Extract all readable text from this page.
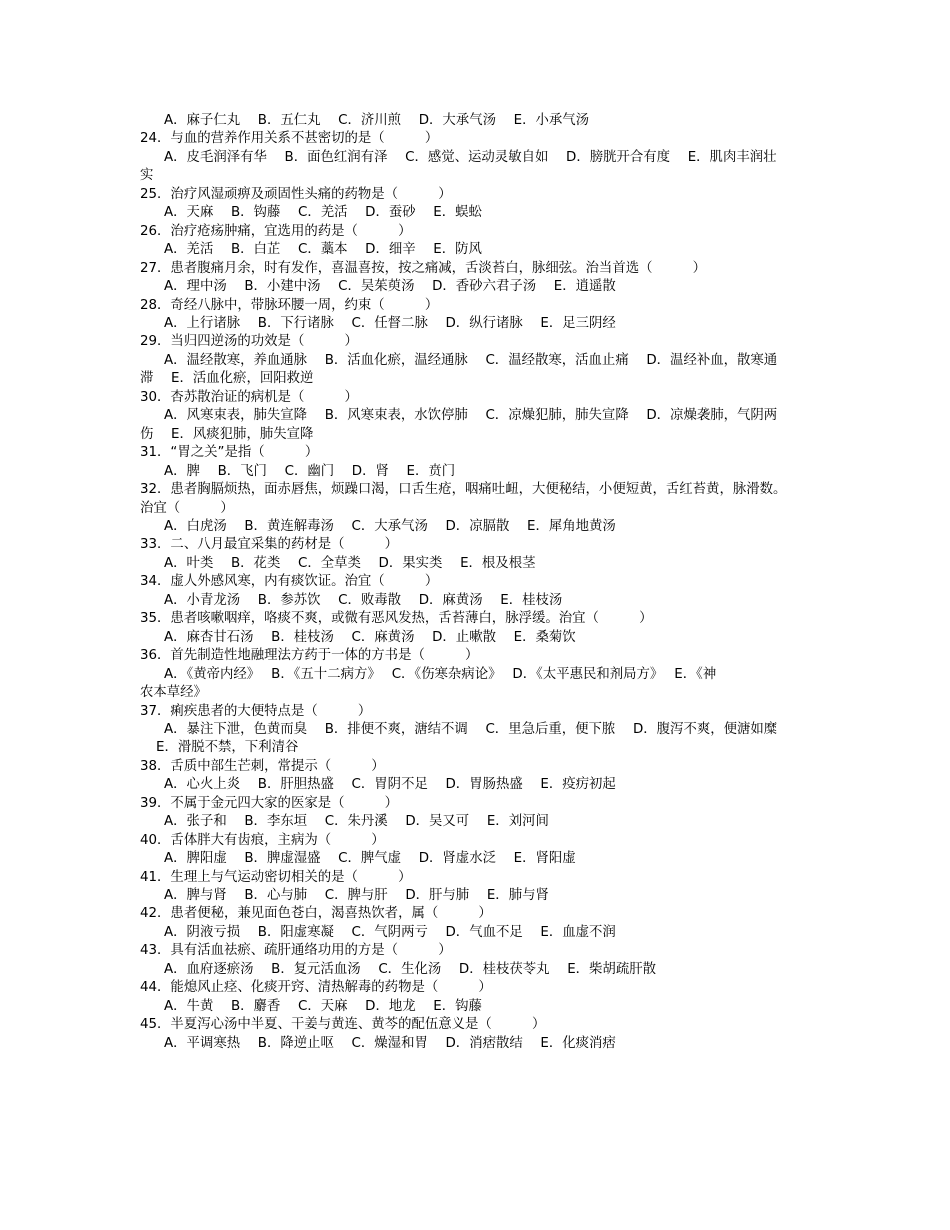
A．麻子仁丸　 B．五仁丸　 C．济川煎　 D．大承气汤　 E．小承气汤
24．与血的营养作用关系不甚密切的是（　　　）
A．皮毛润泽有华　 B．面色红润有泽　 C．感觉、运动灵敏自如　 D．膀胱开合有度　 E．肌肉丰润壮
实
25．治疗风湿顽痹及顽固性头痛的药物是（　　　）
A．天麻　 B．钩藤　 C．羌活　 D．蚕砂　 E．蜈蚣
26．治疗疮疡肿痛，宜选用的药是（　　　）
A．羌活　 B．白芷　 C．藁本　 D．细辛　 E．防风
27．患者腹痛月余，时有发作，喜温喜按，按之痛减，舌淡苔白，脉细弦。治当首选（　　　）
A．理中汤　 B．小建中汤　 C．吴茱萸汤　 D．香砂六君子汤　 E．逍遥散
28．奇经八脉中，带脉环腰一周，约束（　　　）
A．上行诸脉　 B．下行诸脉　 C．任督二脉　 D．纵行诸脉　 E．足三阴经
29．当归四逆汤的功效是（　　　）
A．温经散寒，养血通脉　 B．活血化瘀，温经通脉　 C．温经散寒，活血止痛　 D．温经补血，散寒通
滞　 E．活血化瘀，回阳救逆
30．杏苏散治证的病机是（　　　）
A．风寒束表，肺失宣降　 B．风寒束表，水饮停肺　 C．凉燥犯肺，肺失宣降　 D．凉燥袭肺，气阴两
伤　 E．风痰犯肺，肺失宣降
31．“胃之关”是指（　　　）
A．脾　 B．飞门　 C．幽门　 D．肾　 E．贲门
32．患者胸膈烦热，面赤唇焦，烦躁口渴，口舌生疮，咽痛吐衄，大便秘结，小便短黄，舌红苔黄，脉滑数。
治宜（　　　）
A．白虎汤　 B．黄连解毒汤　 C．大承气汤　 D．凉膈散　 E．犀角地黄汤
33．二、八月最宜采集的药材是（　　　）
A．叶类　 B．花类　 C．全草类　 D．果实类　 E．根及根茎
34．虚人外感风寒，内有痰饮证。治宜（　　　）
A．小青龙汤　 B．参苏饮　 C．败毒散　 D．麻黄汤　 E．桂枝汤
35．患者咳嗽咽痒，咯痰不爽，或微有恶风发热，舌苔薄白，脉浮缓。治宜（　　　）
A．麻杏甘石汤　 B．桂枝汤　 C．麻黄汤　 D．止嗽散　 E．桑菊饮
36．首先制造性地融理法方药于一体的方书是（　　　）
A．《黄帝内经》　 B．《五十二病方》　 C．《伤寒杂病论》　 D．《太平惠民和剂局方》　 E．《神
农本草经》
37．痢疾患者的大便特点是（　　　）
A．暴注下泄，色黄而臭　 B．排便不爽，溏结不调　 C．里急后重，便下脓　 D．腹泻不爽，便溏如糜
E．滑脱不禁，下利清谷
38．舌质中部生芒刺，常提示（　　　）
A．心火上炎　 B．肝胆热盛　 C．胃阴不足　 D．胃肠热盛　 E．疫疠初起
39．不属于金元四大家的医家是（　　　）
A．张子和　 B．李东垣　 C．朱丹溪　 D．吴又可　 E．刘河间
40．舌体胖大有齿痕，主病为（　　　）
A．脾阳虚　 B．脾虚湿盛　 C．脾气虚　 D．肾虚水泛　 E．肾阳虚
41．生理上与气运动密切相关的是（　　　）
A．脾与肾　 B．心与肺　 C．脾与肝　 D．肝与肺　 E．肺与肾
42．患者便秘，兼见面色苍白，渴喜热饮者，属（　　　）
A．阴液亏损　 B．阳虚寒凝　 C．气阴两亏　 D．气血不足　 E．血虚不润
43．具有活血祛瘀、疏肝通络功用的方是（　　　）
A．血府逐瘀汤　 B．复元活血汤　 C．生化汤　 D．桂枝茯苓丸　 E．柴胡疏肝散
44．能熄风止痉、化痰开窍、清热解毒的药物是（　　　）
A．牛黄　 B．麝香　 C．天麻　 D．地龙　 E．钩藤
45．半夏泻心汤中半夏、干姜与黄连、黄芩的配伍意义是（　　　）
A．平调寒热　 B．降逆止呕　 C．燥湿和胃　 D．消痞散结　 E．化痰消痞
